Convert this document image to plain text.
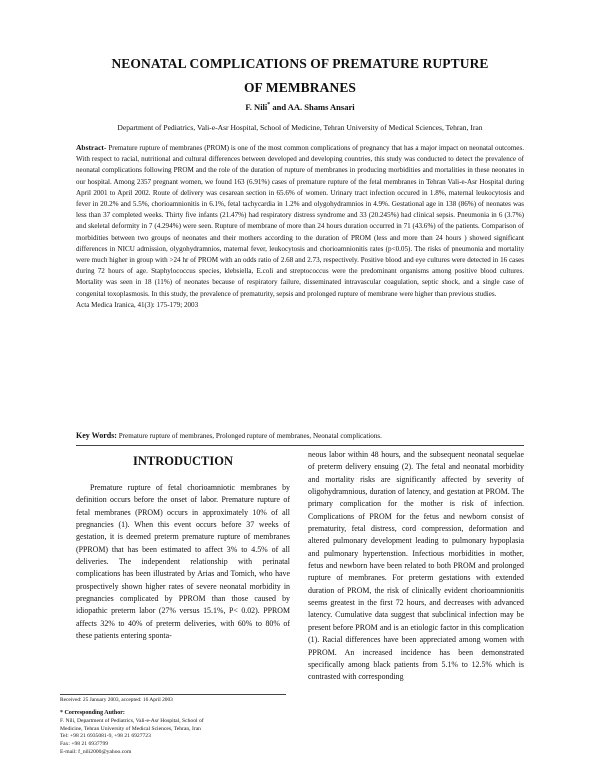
NEONATAL COMPLICATIONS OF PREMATURE RUPTURE
OF MEMBRANES
F. Nili* and AA. Shams Ansari
Department of Pediatrics, Vali-e-Asr Hospital, School of Medicine, Tehran University of Medical Sciences, Tehran, Iran
Abstract- Premature rupture of membranes (PROM) is one of the most common complications of pregnancy that has a major impact on neonatal outcomes. With respect to racial, nutritional and cultural differences between developed and developing countries, this study was conducted to detect the prevalence of neonatal complications following PROM and the role of the duration of rupture of membranes in producing morbidities and mortalities in these neonates in our hospital. Among 2357 pregnant women, we found 163 (6.91%) cases of premature rupture of the fetal membranes in Tehran Vali-e-Asr Hospital during April 2001 to April 2002. Route of delivery was cesarean section in 65.6% of women. Urinary tract infection occured in 1.8%, maternal leukocytosis and fever in 20.2% and 5.5%, chorioamnionitis in 6.1%, fetal tachycardia in 1.2% and olygohydramnios in 4.9%. Gestational age in 138 (86%) of neonates was less than 37 completed weeks. Thirty five infants (21.47%) had respiratory distress syndrome and 33 (20.245%) had clinical sepsis. Pneumonia in 6 (3.7%) and skeletal deformity in 7 (4.294%) were seen. Rupture of membrane of more than 24 hours duration occurred in 71 (43.6%) of the patients. Comparison of morbidities between two groups of neonates and their mothers according to the duration of PROM (less and more than 24 hours ) showed significant differences in NICU admission, olygohydramnios, maternal fever, leukocytosis and chorioamnionitis rates (p<0.05). The risks of pneumonia and mortality were much higher in group with >24 hr of PROM with an odds ratio of 2.68 and 2.73, respectively. Positive blood and eye cultures were detected in 16 cases during 72 hours of age. Staphylococcus species, klebsiella, E.coli and streptococcus were the predominant organisms among positive blood cultures. Mortality was seen in 18 (11%) of neonates because of respiratory failure, disseminated intravascular coagulation, septic shock, and a single case of congenital toxoplasmosis. In this study, the prevalence of prematurity, sepsis and prolonged rupture of membrane were higher than previous studies.
Acta Medica Iranica, 41(3): 175-179; 2003
Key Words: Premature rupture of membranes, Prolonged rupture of membranes, Neonatal complications.
INTRODUCTION
Premature rupture of fetal chorioamniotic membranes by definition occurs before the onset of labor. Premature rupture of fetal membranes (PROM) occurs in approximately 10% of all pregnancies (1). When this event occurs before 37 weeks of gestation, it is deemed preterm premature rupture of membranes (PPROM) that has been estimated to affect 3% to 4.5% of all deliveries. The independent relationship with perinatal complications has been illustrated by Arias and Tomich, who have prospectively shown higher rates of severe neonatal morbidity in pregnancies complicated by PPROM than those caused by idiopathic preterm labor (27% versus 15.1%, P< 0.02). PPROM affects 32% to 40% of preterm deliveries, with 60% to 80% of these patients entering sponta-
neous labor within 48 hours, and the subsequent neonatal sequelae of preterm delivery ensuing (2). The fetal and neonatal morbidity and mortality risks are significantly affected by severity of oligohydramnious, duration of latency, and gestation at PROM. The primary complication for the mother is risk of infection. Complications of PROM for the fetus and newborn consist of prematurity, fetal distress, cord compression, deformation and altered pulmonary development leading to pulmonary hypoplasia and pulmonary hypertenstion. Infectious morbidities in mother, fetus and newborn have been related to both PROM and prolonged rupture of membranes. For preterm gestations with extended duration of PROM, the risk of clinically evident chorioamnionitis seems greatest in the first 72 hours, and decreases with advanced latency. Cumulative data suggest that subclinical infection may be present before PROM and is an etiologic factor in this complication (1). Racial differences have been appreciated among women with PPROM. An increased incidence has been demonstrated specifically among black patients from 5.1% to 12.5% which is contrasted with corresponding
Received: 25 January 2003, accepted: 16 April 2003
* Corresponding Author:
F. Nili, Department of Pediatrics, Vali-e-Asr Hospital, School of
Medicine, Tehran University of Medical Sciences, Tehran, Iran
Tel: +98 21 6935081-9, +98 21 6927723
Fax: +98 21 6937799
E-mail: f_nili2000@yahoo.com
